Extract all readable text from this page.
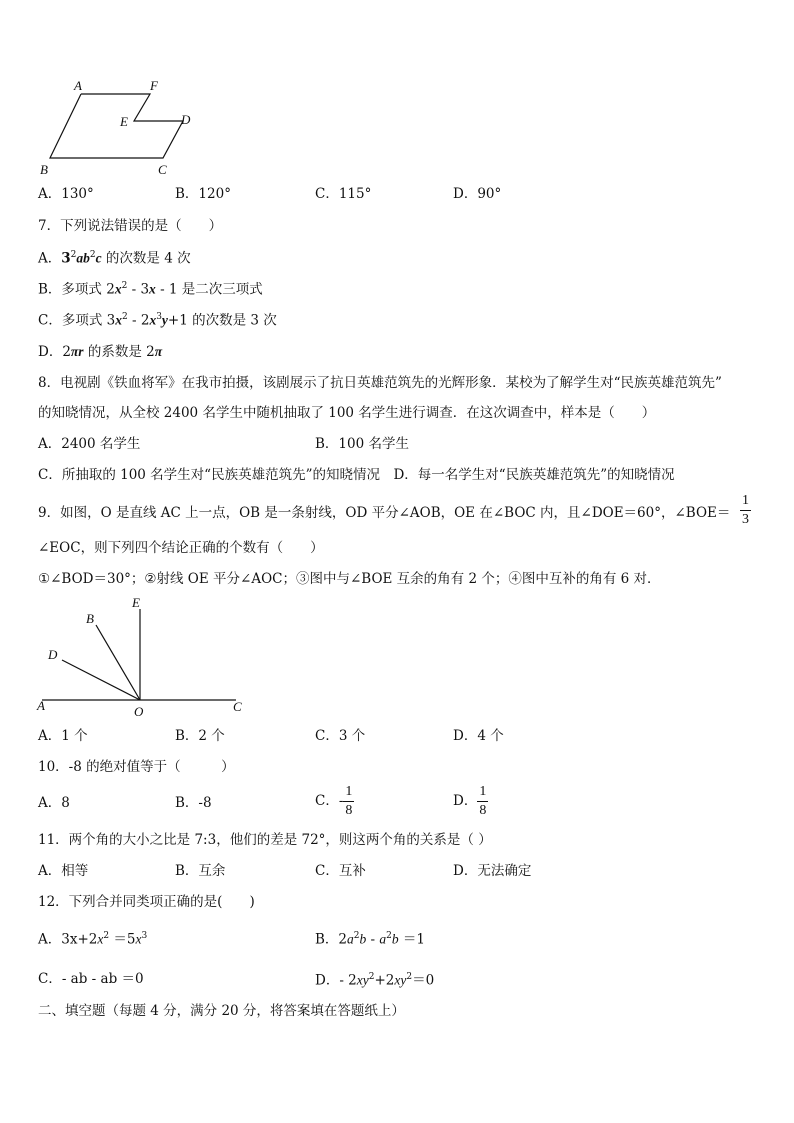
A	F
E	D
B	C
A．130°	B．120°	C．115°	D．90°
7．下列说法错误的是（　　）
A．$3^2ab^2c$ 的次数是 4 次
B．多项式 $2x^2 - 3x - 1$ 是二次三项式
C．多项式 $3x^2 - 2x^3y+1$ 的次数是 3 次
D．2πr 的系数是 2π
8．电视剧《铁血将军》在我市拍摄，该剧展示了抗日英雄范筑先的光辉形象．某校为了解学生对“民族英雄范筑先”
的知晓情况，从全校 2400 名学生中随机抽取了 100 名学生进行调查．在这次调查中，样本是（　　）
A．2400 名学生	B．100 名学生
C．所抽取的 100 名学生对“民族英雄范筑先”的知晓情况　D．每一名学生对“民族英雄范筑先”的知晓情况
9．如图，O 是直线 AC 上一点，OB 是一条射线，OD 平分∠AOB，OE 在∠BOC 内，且∠DOE＝60°，∠BOE＝ $\frac{1}{3}$
∠EOC，则下列四个结论正确的个数有（　　）
①∠BOD＝30°；②射线 OE 平分∠AOC；③图中与∠BOE 互余的角有 2 个；④图中互补的角有 6 对．
E
B
D
A	O	C
A．1 个	B．2 个	C．3 个	D．4 个
10．-8 的绝对值等于（　　　）
A．8	B．-8	C．- $\frac{1}{8}$	D． $\frac{1}{8}$
11．两个角的大小之比是 7:3，他们的差是 72°，则这两个角的关系是（ ）
A．相等	B．互余	C．互补	D．无法确定
12．下列合并同类项正确的是(　　)
A．$3x+2x^2 =5x^3$	B．$2a^2b - a^2b =1$
C．- ab - ab ＝0	D．- $2xy^2+2xy^2=0$
二、填空题（每题 4 分，满分 20 分，将答案填在答题纸上）
